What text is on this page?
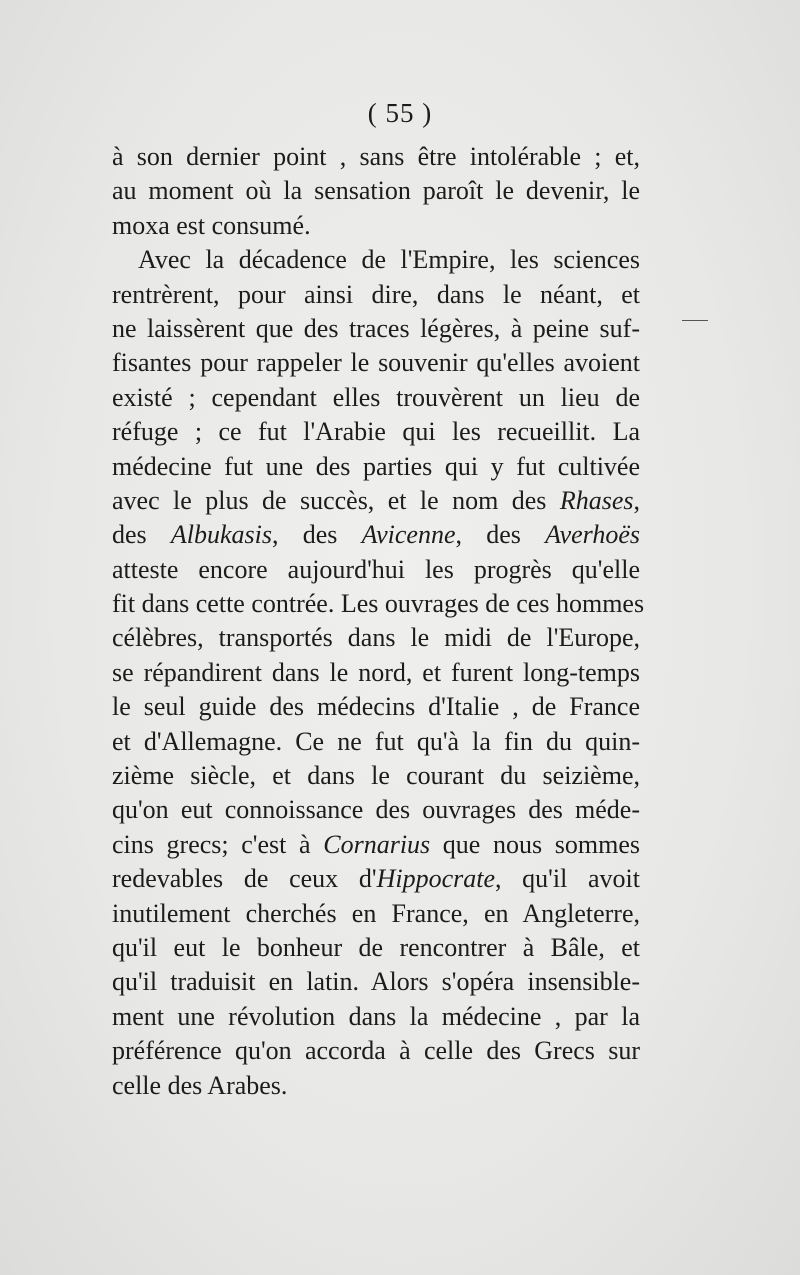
( 55 )
à son dernier point , sans être intolérable ; et,
au moment où la sensation paroît le devenir, le
moxa est consumé.
Avec la décadence de l'Empire, les sciences
rentrèrent, pour ainsi dire, dans le néant, et
ne laissèrent que des traces légères, à peine suf-
fisantes pour rappeler le souvenir qu'elles avoient
existé ; cependant elles trouvèrent un lieu de
réfuge ; ce fut l'Arabie qui les recueillit. La
médecine fut une des parties qui y fut cultivée
avec le plus de succès, et le nom des Rhases,
des Albukasis, des Avicenne, des Averhoës
atteste encore aujourd'hui les progrès qu'elle
fit dans cette contrée. Les ouvrages de ces hommes
célèbres, transportés dans le midi de l'Europe,
se répandirent dans le nord, et furent long-temps
le seul guide des médecins d'Italie , de France
et d'Allemagne. Ce ne fut qu'à la fin du quin-
zième siècle, et dans le courant du seizième,
qu'on eut connoissance des ouvrages des méde-
cins grecs; c'est à Cornarius que nous sommes
redevables de ceux d'Hippocrate, qu'il avoit
inutilement cherchés en France, en Angleterre,
qu'il eut le bonheur de rencontrer à Bâle, et
qu'il traduisit en latin. Alors s'opéra insensible-
ment une révolution dans la médecine , par la
préférence qu'on accorda à celle des Grecs sur
celle des Arabes.
